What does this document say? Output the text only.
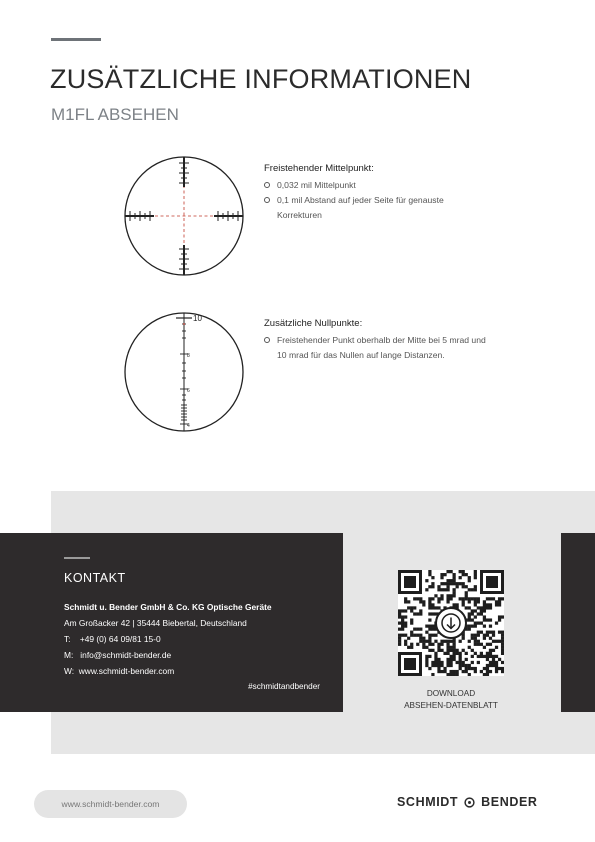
ZUSÄTZLICHE INFORMATIONEN
M1FL ABSEHEN
Freistehender Mittelpunkt:
0,032 mil Mittelpunkt
0,1 mil Abstand auf jeder Seite für genauste Korrekturen
10
8
6
4
Zusätzliche Nullpunkte:
Freistehender Punkt oberhalb der Mitte bei 5 mrad und 10 mrad für das Nullen auf lange Distanzen.
KONTAKT
Schmidt u. Bender GmbH & Co. KG Optische Geräte
Am Großacker 42 | 35444 Biebertal, Deutschland
T: +49 (0) 64 09/81 15-0
M: info@schmidt-bender.de
W: www.schmidt-bender.com
#schmidtandbender
DOWNLOAD
ABSEHEN-DATENBLATT
www.schmidt-bender.com	SCHMIDT BENDER
